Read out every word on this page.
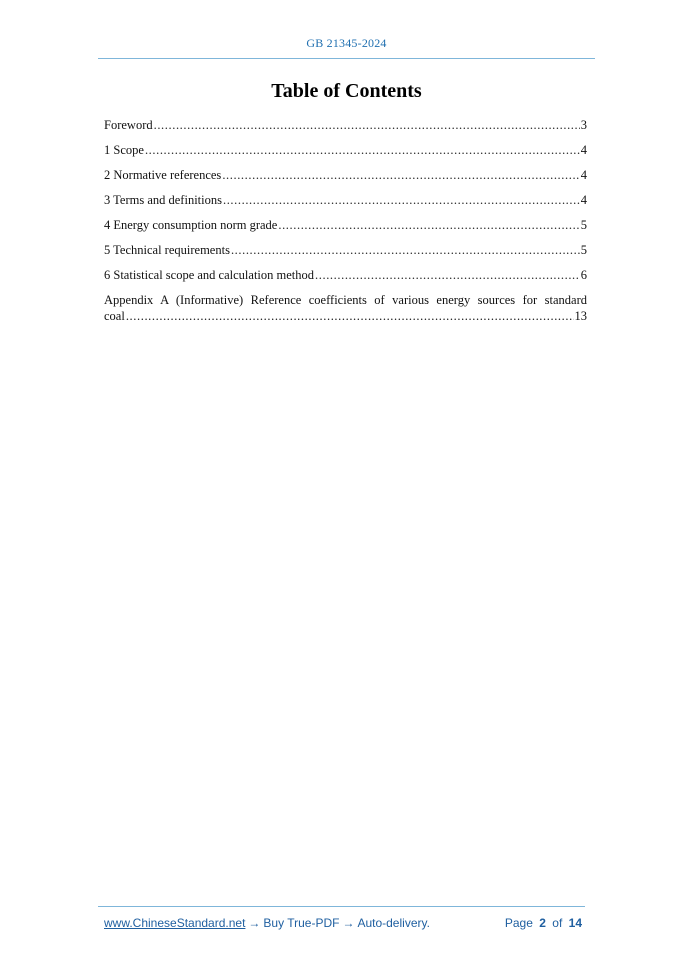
GB 21345-2024
Table of Contents
Foreword .....	3
1 Scope .....	4
2 Normative references .....	4
3 Terms and definitions .....	4
4 Energy consumption norm grade .....	5
5 Technical requirements .....	5
6 Statistical scope and calculation method .....	6
Appendix A (Informative) Reference coefficients of various energy sources for standard
coal .....	13
www.ChineseStandard.net → Buy True-PDF → Auto-delivery.	Page 2 of 14
